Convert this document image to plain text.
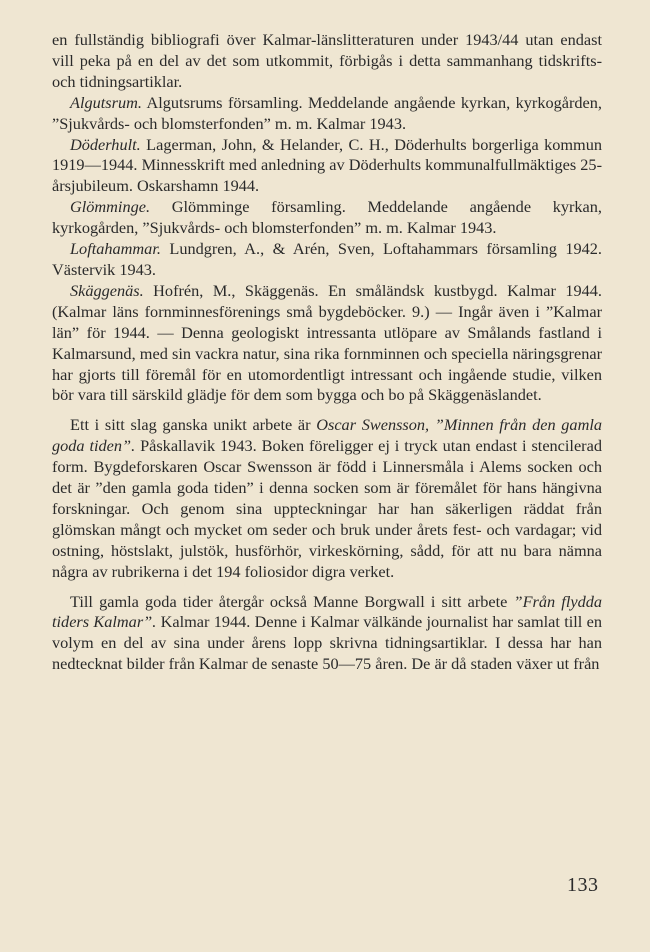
en fullständig bibliografi över Kalmar-länslitteraturen under 1943/44 utan endast vill peka på en del av det som utkommit, förbigås i detta sammanhang tidskrifts- och tidningsartiklar.

Algutsrum. Algutsrums församling. Meddelande angående kyrkan, kyrkogården, ”Sjukvårds- och blomsterfonden” m. m. Kalmar 1943.

Döderhult. Lagerman, John, & Helander, C. H., Döderhults borgerliga kommun 1919—1944. Minnesskrift med anledning av Döderhults kommunalfullmäktiges 25-årsjubileum. Oskarshamn 1944.

Glömminge. Glömminge församling. Meddelande angående kyrkan, kyrkogården, ”Sjukvårds- och blomsterfonden” m. m. Kalmar 1943.

Loftahammar. Lundgren, A., & Arén, Sven, Loftahammars församling 1942. Västervik 1943.

Skäggenäs. Hofrén, M., Skäggenäs. En småländsk kustbygd. Kalmar 1944. (Kalmar läns fornminnesförenings små bygdeböcker. 9.) — Ingår även i ”Kalmar län” för 1944. — Denna geologiskt intressanta utlöpare av Smålands fastland i Kalmarsund, med sin vackra natur, sina rika fornminnen och speciella näringsgrenar har gjorts till föremål för en utomordentligt intressant och ingående studie, vilken bör vara till särskild glädje för dem som bygga och bo på Skäggenäslandet.

Ett i sitt slag ganska unikt arbete är Oscar Swensson, ”Minnen från den gamla goda tiden”. Påskallavik 1943. Boken föreligger ej i tryck utan endast i stencilerad form. Bygdeforskaren Oscar Swensson är född i Linnersmåla i Alems socken och det är ”den gamla goda tiden” i denna socken som är föremålet för hans hängivna forskningar. Och genom sina uppteckningar har han säkerligen räddat från glömskan mångt och mycket om seder och bruk under årets fest- och vardagar; vid ostning, höstslakt, julstök, husförhör, virkeskörning, sådd, för att nu bara nämna några av rubrikerna i det 194 foliosidor digra verket.

Till gamla goda tider återgår också Manne Borgwall i sitt arbete ”Från flydda tiders Kalmar”. Kalmar 1944. Denne i Kalmar välkände journalist har samlat till en volym en del av sina under årens lopp skrivna tidningsartiklar. I dessa har han nedtecknat bilder från Kalmar de senaste 50—75 åren. De är då staden växer ut från

133
